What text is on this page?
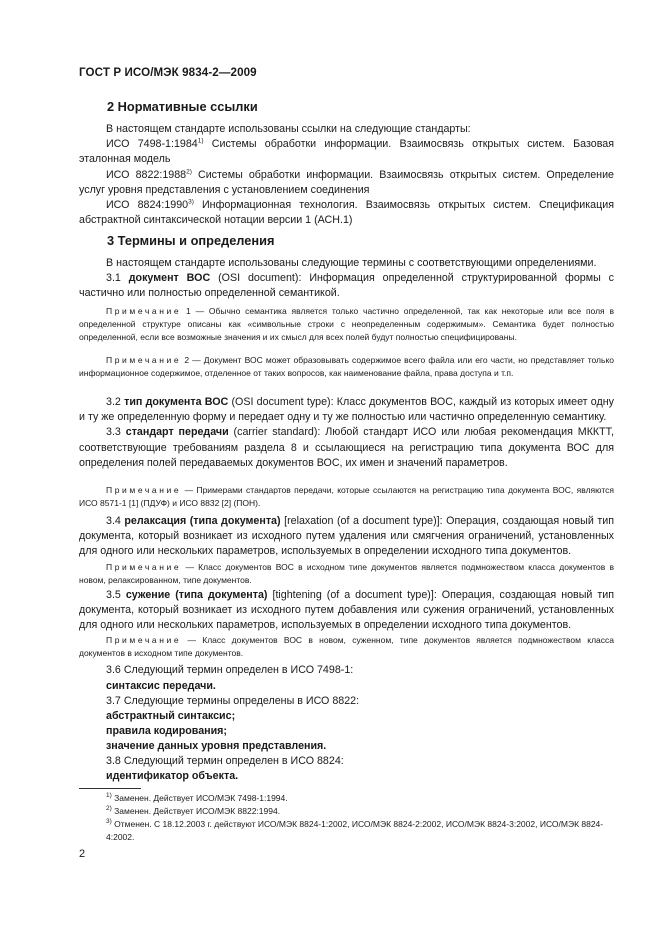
ГОСТ Р ИСО/МЭК 9834-2—2009
2 Нормативные ссылки

В настоящем стандарте использованы ссылки на следующие стандарты:

ИСО 7498-1:1984$^{1)}$ Системы обработки информации. Взаимосвязь открытых систем. Базовая эталонная модель

ИСО 8822:1988$^{2)}$ Системы обработки информации. Взаимосвязь открытых систем. Определение услуг уровня представления с установлением соединения

ИСО 8824:1990$^{3)}$ Информационная технология. Взаимосвязь открытых систем. Спецификация абстрактной синтаксической нотации версии 1 (АСН.1)

3 Термины и определения

В настоящем стандарте использованы следующие термины с соответствующими определениями.

3.1 документ ВОС (OSI document): Информация определенной структурированной формы с частично или полностью определенной семантикой.

Примечание 1 — Обычно семантика является только частично определенной, так как некоторые или все поля в определенной структуре описаны как «символьные строки с неопределенным содержимым». Семантика будет полностью определенной, если все возможные значения и их смысл для всех полей будут полностью специфицированы.

Примечание 2 — Документ ВОС может образовывать содержимое всего файла или его части, но представляет только информационное содержимое, отделенное от таких вопросов, как наименование файла, права доступа и т.п.

3.2 тип документа ВОС (OSI document type): Класс документов ВОС, каждый из которых имеет одну и ту же определенную форму и передает одну и ту же полностью или частично определенную семантику.

3.3 стандарт передачи (carrier standard): Любой стандарт ИСО или любая рекомендация МККТТ, соответствующие требованиям раздела 8 и ссылающиеся на регистрацию типа документа ВОС для определения полей передаваемых документов ВОС, их имен и значений параметров.

Примечание — Примерами стандартов передачи, которые ссылаются на регистрацию типа документа ВОС, являются ИСО 8571-1 [1] (ПДУФ) и ИСО 8832 [2] (ПОН).

3.4 релаксация (типа документа) [relaxation (of a document type)]: Операция, создающая новый тип документа, который возникает из исходного путем удаления или смягчения ограничений, установленных для одного или нескольких параметров, используемых в определении исходного типа документов.

Примечание — Класс документов ВОС в исходном типе документов является подмножеством класса документов в новом, релаксированном, типе документов.

3.5 сужение (типа документа) [tightening (of a document type)]: Операция, создающая новый тип документа, который возникает из исходного путем добавления или сужения ограничений, установленных для одного или нескольких параметров, используемых в определении исходного типа документов.

Примечание — Класс документов ВОС в новом, суженном, типе документов является подмножеством класса документов в исходном типе документов.

3.6 Следующий термин определен в ИСО 7498-1:
синтаксис передачи.
3.7 Следующие термины определены в ИСО 8822:
абстрактный синтаксис;
правила кодирования;
значение данных уровня представления.
3.8 Следующий термин определен в ИСО 8824:
идентификатор объекта.

$^{1)}$ Заменен. Действует ИСО/МЭК 7498-1:1994.

$^{2)}$ Заменен. Действует ИСО/МЭК 8822:1994.

$^{3)}$ Отменен. С 18.12.2003 г. действуют ИСО/МЭК 8824-1:2002, ИСО/МЭК 8824-2:2002, ИСО/МЭК 8824-3:2002, ИСО/МЭК 8824-4:2002.

2
